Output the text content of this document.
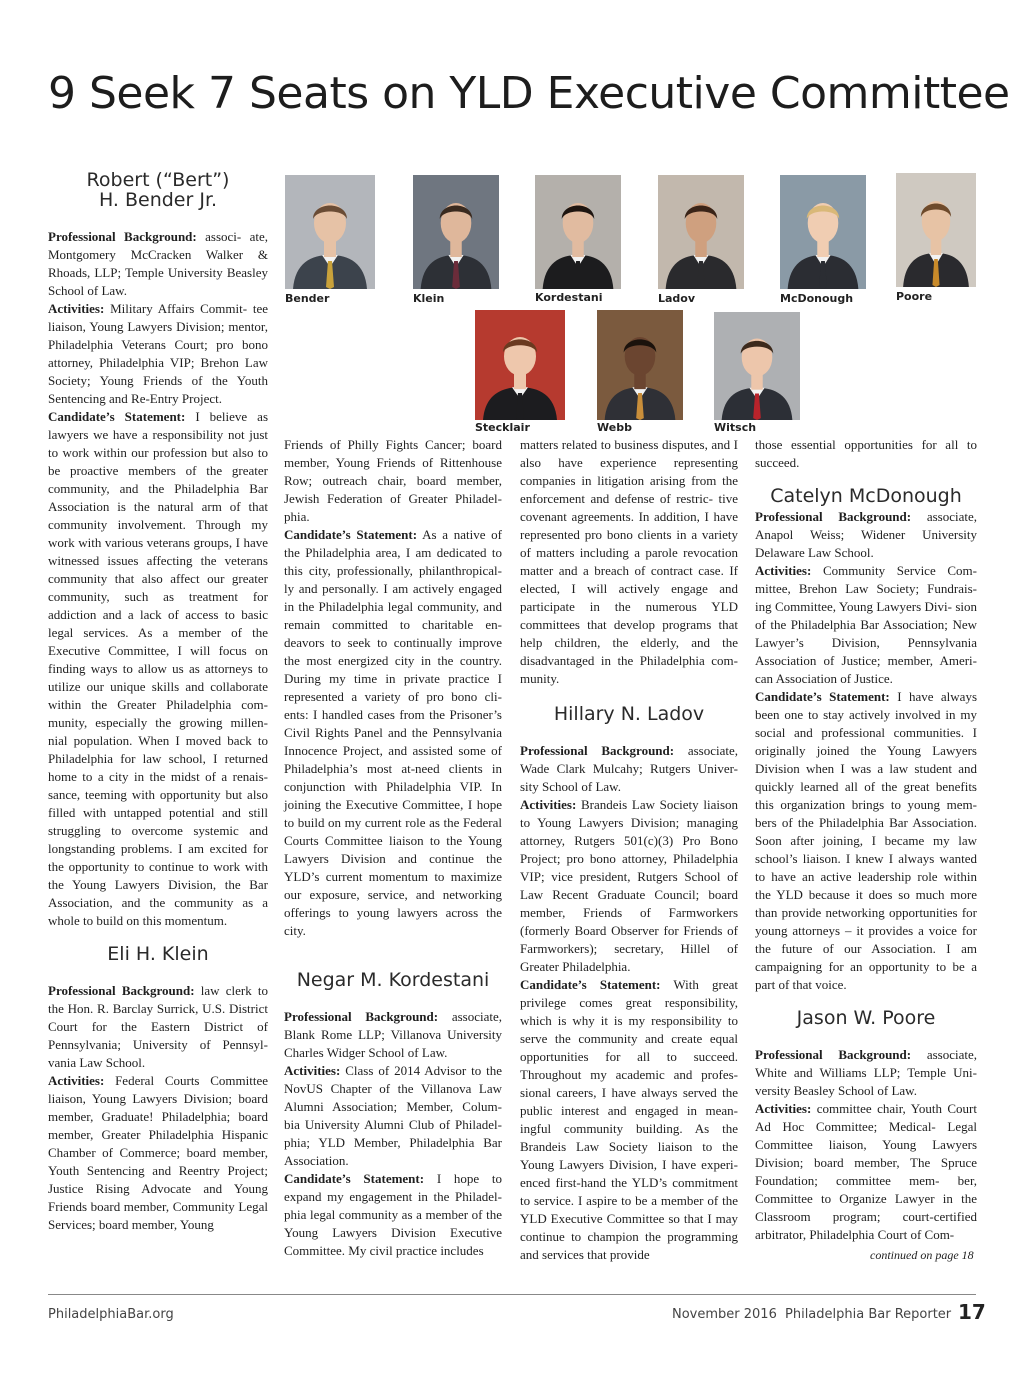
9 Seek 7 Seats on YLD Executive Committee
Bender	Klein	Kordestani	Ladov	McDonough	Poore
Stecklair	Webb	Witsch
Robert (“Bert”)
H. Bender Jr.

Professional Background: associ- ate, Montgomery McCracken Walker & Rhoads, LLP; Temple University Beasley School of Law.

Activities: Military Affairs Commit- tee liaison, Young Lawyers Division; mentor, Philadelphia Veterans Court; pro bono attorney, Philadelphia VIP; Brehon Law Society; Young Friends of the Youth Sentencing and Re-Entry Project.

Candidate’s Statement: I believe as lawyers we have a responsibility not just to work within our profession but also to be proactive members of the greater community, and the Philadelphia Bar Association is the natural arm of that community involvement. Through my work with various veterans groups, I have witnessed issues affecting the veterans community that also affect our greater community, such as treatment for addiction and a lack of access to basic legal services. As a member of the Executive Committee, I will focus on finding ways to allow us as attorneys to utilize our unique skills and collaborate within the Greater Philadelphia com- munity, especially the growing millen- nial population. When I moved back to Philadelphia for law school, I returned home to a city in the midst of a renais- sance, teeming with opportunity but also filled with untapped potential and still struggling to overcome systemic and longstanding problems. I am excited for the opportunity to continue to work with the Young Lawyers Division, the Bar Association, and the community as a whole to build on this momentum.

Eli H. Klein

Professional Background: law clerk to the Hon. R. Barclay Surrick, U.S. District Court for the Eastern District of Pennsylvania; University of Pennsyl- vania Law School.

Activities: Federal Courts Committee liaison, Young Lawyers Division; board member, Graduate! Philadelphia; board member, Greater Philadelphia Hispanic Chamber of Commerce; board member, Youth Sentencing and Reentry Project; Justice Rising Advocate and Young Friends board member, Community Legal Services; board member, Young

Friends of Philly Fights Cancer; board member, Young Friends of Rittenhouse Row; outreach chair, board member, Jewish Federation of Greater Philadel- phia.

Candidate’s Statement: As a native of the Philadelphia area, I am dedicated to this city, professionally, philanthropical- ly and personally. I am actively engaged in the Philadelphia legal community, and remain committed to charitable en- deavors to seek to continually improve the most energized city in the country. During my time in private practice I represented a variety of pro bono cli- ents: I handled cases from the Prisoner’s Civil Rights Panel and the Pennsylvania Innocence Project, and assisted some of Philadelphia’s most at-need clients in conjunction with Philadelphia VIP. In joining the Executive Committee, I hope to build on my current role as the Federal Courts Committee liaison to the Young Lawyers Division and continue the YLD’s current momentum to maximize our exposure, service, and networking offerings to young lawyers across the city.

Negar M. Kordestani

Professional Background: associate, Blank Rome LLP; Villanova University Charles Widger School of Law.

Activities: Class of 2014 Advisor to the NovUS Chapter of the Villanova Law Alumni Association; Member, Colum- bia University Alumni Club of Philadel- phia; YLD Member, Philadelphia Bar Association.

Candidate’s Statement: I hope to expand my engagement in the Philadel- phia legal community as a member of the Young Lawyers Division Executive Committee. My civil practice includes

matters related to business disputes, and I also have experience representing companies in litigation arising from the enforcement and defense of restric- tive covenant agreements. In addition, I have represented pro bono clients in a variety of matters including a parole revocation matter and a breach of contract case. If elected, I will actively engage and participate in the numerous YLD committees that develop programs that help children, the elderly, and the disadvantaged in the Philadelphia com- munity.

Hillary N. Ladov

Professional Background: associate, Wade Clark Mulcahy; Rutgers Univer- sity School of Law.

Activities: Brandeis Law Society liaison to Young Lawyers Division; managing attorney, Rutgers 501(c)(3) Pro Bono Project; pro bono attorney, Philadelphia VIP; vice president, Rutgers School of Law Recent Graduate Council; board member, Friends of Farmworkers (formerly Board Observer for Friends of Farmworkers); secretary, Hillel of Greater Philadelphia.

Candidate’s Statement: With great privilege comes great responsibility, which is why it is my responsibility to serve the community and create equal opportunities for all to succeed. Throughout my academic and profes- sional careers, I have always served the public interest and engaged in mean- ingful community building. As the Brandeis Law Society liaison to the Young Lawyers Division, I have experi- enced first-hand the YLD’s commitment to service. I aspire to be a member of the YLD Executive Committee so that I may continue to champion the programming and services that provide

those essential opportunities for all to succeed.

Catelyn McDonough

Professional Background: associate, Anapol Weiss; Widener University Delaware Law School.

Activities: Community Service Com- mittee, Brehon Law Society; Fundrais- ing Committee, Young Lawyers Divi- sion of the Philadelphia Bar Association; New Lawyer’s Division, Pennsylvania Association of Justice; member, Ameri- can Association of Justice.

Candidate’s Statement: I have always been one to stay actively involved in my social and professional communities. I originally joined the Young Lawyers Division when I was a law student and quickly learned all of the great benefits this organization brings to young mem- bers of the Philadelphia Bar Association. Soon after joining, I became my law school’s liaison. I knew I always wanted to have an active leadership role within the YLD because it does so much more than provide networking opportunities for young attorneys – it provides a voice for the future of our Association. I am campaigning for an opportunity to be a part of that voice.

Jason W. Poore

Professional Background: associate, White and Williams LLP; Temple Uni- versity Beasley School of Law.

Activities: committee chair, Youth Court Ad Hoc Committee; Medical- Legal Committee liaison, Young Lawyers Division; board member, The Spruce Foundation; committee mem- ber, Committee to Organize Lawyer in the Classroom program; court-certified arbitrator, Philadelphia Court of Com-

continued on page 18
PhiladelphiaBar.org	November 2016 Philadelphia Bar Reporter 17
